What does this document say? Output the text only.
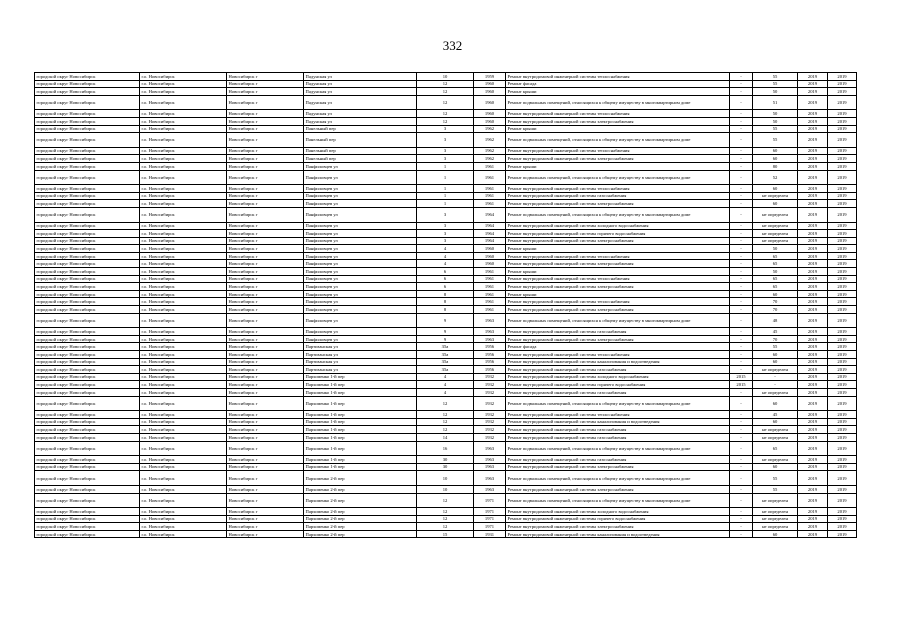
332
городской округ Новосибирск	г.о. Новосибирск	Новосибирск г	Падунская ул	10	1959	Ремонт внутридомовой инженерной системы теплоснабжения	-	55	2019	2019
городской округ Новосибирск	г.о. Новосибирск	Новосибирск г	Падунская ул	12	1960	Ремонт фасада	-	55	2019	2019
городской округ Новосибирск	г.о. Новосибирск	Новосибирск г	Падунская ул	12	1960	Ремонт крыши	-	50	2019	2019
городской округ Новосибирск	г.о. Новосибирск	Новосибирск г	Падунская ул	12	1960	Ремонт подвальных помещений, относящихся к общему имуществу в многоквартирном доме	-	51	2019	2019
городской округ Новосибирск	г.о. Новосибирск	Новосибирск г	Падунская ул	12	1960	Ремонт внутридомовой инженерной системы теплоснабжения	-	50	2019	2019
городской округ Новосибирск	г.о. Новосибирск	Новосибирск г	Падунская ул	12	1960	Ремонт внутридомовой инженерной системы электроснабжения	-	50	2019	2019
городской округ Новосибирск	г.о. Новосибирск	Новосибирск г	Панельный пер	3	1962	Ремонт крыши	-	55	2019	2019
городской округ Новосибирск	г.о. Новосибирск	Новосибирск г	Панельный пер	3	1962	Ремонт подвальных помещений, относящихся к общему имуществу в многоквартирном доме	-	55	2019	2019
городской округ Новосибирск	г.о. Новосибирск	Новосибирск г	Панельный пер	3	1962	Ремонт внутридомовой инженерной системы теплоснабжения	-	60	2019	2019
городской округ Новосибирск	г.о. Новосибирск	Новосибирск г	Панельный пер	3	1962	Ремонт внутридомовой инженерной системы электроснабжения	-	60	2019	2019
городской округ Новосибирск	г.о. Новосибирск	Новосибирск г	Панфиловцев ул	1	1961	Ремонт крыши	-	80	2019	2019
городской округ Новосибирск	г.о. Новосибирск	Новосибирск г	Панфиловцев ул	1	1961	Ремонт подвальных помещений, относящихся к общему имуществу в многоквартирном доме	-	52	2019	2019
городской округ Новосибирск	г.о. Новосибирск	Новосибирск г	Панфиловцев ул	1	1961	Ремонт внутридомовой инженерной системы теплоснабжения	-	60	2019	2019
городской округ Новосибирск	г.о. Новосибирск	Новосибирск г	Панфиловцев ул	1	1961	Ремонт внутридомовой инженерной системы газоснабжения	-	не определен	2019	2019
городской округ Новосибирск	г.о. Новосибирск	Новосибирск г	Панфиловцев ул	1	1961	Ремонт внутридомовой инженерной системы электроснабжения	-	60	2019	2019
городской округ Новосибирск	г.о. Новосибирск	Новосибирск г	Панфиловцев ул	3	1964	Ремонт подвальных помещений, относящихся к общему имуществу в многоквартирном доме	-	не определен	2019	2019
городской округ Новосибирск	г.о. Новосибирск	Новосибирск г	Панфиловцев ул	3	1964	Ремонт внутридомовой инженерной системы холодного водоснабжения	-	не определен	2019	2019
городской округ Новосибирск	г.о. Новосибирск	Новосибирск г	Панфиловцев ул	3	1964	Ремонт внутридомовой инженерной системы горячего водоснабжения	-	не определен	2019	2019
городской округ Новосибирск	г.о. Новосибирск	Новосибирск г	Панфиловцев ул	3	1964	Ремонт внутридомовой инженерной системы электроснабжения	-	не определен	2019	2019
городской округ Новосибирск	г.о. Новосибирск	Новосибирск г	Панфиловцев ул	4	1960	Ремонт крыши	-	50	2019	2019
городской округ Новосибирск	г.о. Новосибирск	Новосибирск г	Панфиловцев ул	4	1960	Ремонт внутридомовой инженерной системы теплоснабжения	-	65	2019	2019
городской округ Новосибирск	г.о. Новосибирск	Новосибирск г	Панфиловцев ул	4	1960	Ремонт внутридомовой инженерной системы электроснабжения	-	65	2019	2019
городской округ Новосибирск	г.о. Новосибирск	Новосибирск г	Панфиловцев ул	6	1961	Ремонт крыши	-	50	2019	2019
городской округ Новосибирск	г.о. Новосибирск	Новосибирск г	Панфиловцев ул	6	1961	Ремонт внутридомовой инженерной системы теплоснабжения	-	65	2019	2019
городской округ Новосибирск	г.о. Новосибирск	Новосибирск г	Панфиловцев ул	6	1961	Ремонт внутридомовой инженерной системы электроснабжения	-	65	2019	2019
городской округ Новосибирск	г.о. Новосибирск	Новосибирск г	Панфиловцев ул	8	1961	Ремонт крыши	-	60	2019	2019
городской округ Новосибирск	г.о. Новосибирск	Новосибирск г	Панфиловцев ул	8	1961	Ремонт внутридомовой инженерной системы теплоснабжения	-	70	2019	2019
городской округ Новосибирск	г.о. Новосибирск	Новосибирск г	Панфиловцев ул	8	1961	Ремонт внутридомовой инженерной системы электроснабжения	-	70	2019	2019
городской округ Новосибирск	г.о. Новосибирск	Новосибирск г	Панфиловцев ул	9	1963	Ремонт подвальных помещений, относящихся к общему имуществу в многоквартирном доме	-	48	2019	2019
городской округ Новосибирск	г.о. Новосибирск	Новосибирск г	Панфиловцев ул	9	1963	Ремонт внутридомовой инженерной системы газоснабжения	-	45	2019	2019
городской округ Новосибирск	г.о. Новосибирск	Новосибирск г	Панфиловцев ул	9	1963	Ремонт внутридомовой инженерной системы электроснабжения	-	70	2019	2019
городской округ Новосибирск	г.о. Новосибирск	Новосибирск г	Партизанская ул	35а	1956	Ремонт фасада	-	55	2019	2019
городской округ Новосибирск	г.о. Новосибирск	Новосибирск г	Партизанская ул	35а	1956	Ремонт внутридомовой инженерной системы теплоснабжения	-	60	2019	2019
городской округ Новосибирск	г.о. Новосибирск	Новосибирск г	Партизанская ул	35а	1956	Ремонт внутридомовой инженерной системы канализования и водоотведения	-	60	2019	2019
городской округ Новосибирск	г.о. Новосибирск	Новосибирск г	Партизанская ул	35а	1956	Ремонт внутридомовой инженерной системы газоснабжения	-	не определен	2019	2019
городской округ Новосибирск	г.о. Новосибирск	Новосибирск г	Пархоменко 1-й пер	4	1932	Ремонт внутридомовой инженерной системы холодного водоснабжения	2015	-	2019	2019
городской округ Новосибирск	г.о. Новосибирск	Новосибирск г	Пархоменко 1-й пер	4	1932	Ремонт внутридомовой инженерной системы горячего водоснабжения	2015	-	2019	2019
городской округ Новосибирск	г.о. Новосибирск	Новосибирск г	Пархоменко 1-й пер	4	1932	Ремонт внутридомовой инженерной системы газоснабжения	-	не определен	2019	2019
городской округ Новосибирск	г.о. Новосибирск	Новосибирск г	Пархоменко 1-й пер	12	1932	Ремонт подвальных помещений, относящихся к общему имуществу в многоквартирном доме	-	60	2019	2019
городской округ Новосибирск	г.о. Новосибирск	Новосибирск г	Пархоменко 1-й пер	12	1932	Ремонт внутридомовой инженерной системы теплоснабжения	-	45	2019	2019
городской округ Новосибирск	г.о. Новосибирск	Новосибирск г	Пархоменко 1-й пер	12	1932	Ремонт внутридомовой инженерной системы канализования и водоотведения	-	60	2019	2019
городской округ Новосибирск	г.о. Новосибирск	Новосибирск г	Пархоменко 1-й пер	12	1932	Ремонт внутридомовой инженерной системы газоснабжения	-	не определен	2019	2019
городской округ Новосибирск	г.о. Новосибирск	Новосибирск г	Пархоменко 1-й пер	14	1932	Ремонт внутридомовой инженерной системы газоснабжения	-	не определен	2019	2019
городской округ Новосибирск	г.о. Новосибирск	Новосибирск г	Пархоменко 1-й пер	16	1963	Ремонт подвальных помещений, относящихся к общему имуществу в многоквартирном доме	-	65	2019	2019
городской округ Новосибирск	г.о. Новосибирск	Новосибирск г	Пархоменко 1-й пер	30	1963	Ремонт внутридомовой инженерной системы газоснабжения	-	не определен	2019	2019
городской округ Новосибирск	г.о. Новосибирск	Новосибирск г	Пархоменко 1-й пер	30	1963	Ремонт внутридомовой инженерной системы электроснабжения	-	60	2019	2019
городской округ Новосибирск	г.о. Новосибирск	Новосибирск г	Пархоменко 2-й пер	10	1963	Ремонт подвальных помещений, относящихся к общему имуществу в многоквартирном доме	-	55	2019	2019
городской округ Новосибирск	г.о. Новосибирск	Новосибирск г	Пархоменко 2-й пер	10	1963	Ремонт внутридомовой инженерной системы электроснабжения	-	55	2019	2019
городской округ Новосибирск	г.о. Новосибирск	Новосибирск г	Пархоменко 2-й пер	12	1971	Ремонт подвальных помещений, относящихся к общему имуществу в многоквартирном доме	-	не определен	2019	2019
городской округ Новосибирск	г.о. Новосибирск	Новосибирск г	Пархоменко 2-й пер	12	1971	Ремонт внутридомовой инженерной системы холодного водоснабжения	-	не определен	2019	2019
городской округ Новосибирск	г.о. Новосибирск	Новосибирск г	Пархоменко 2-й пер	12	1971	Ремонт внутридомовой инженерной системы горячего водоснабжения	-	не определен	2019	2019
городской округ Новосибирск	г.о. Новосибирск	Новосибирск г	Пархоменко 2-й пер	12	1971	Ремонт внутридомовой инженерной системы электроснабжения	-	не определен	2019	2019
городской округ Новосибирск	г.о. Новосибирск	Новосибирск г	Пархоменко 2-й пер	15	1931	Ремонт внутридомовой инженерной системы канализования и водоотведения	-	60	2019	2019
